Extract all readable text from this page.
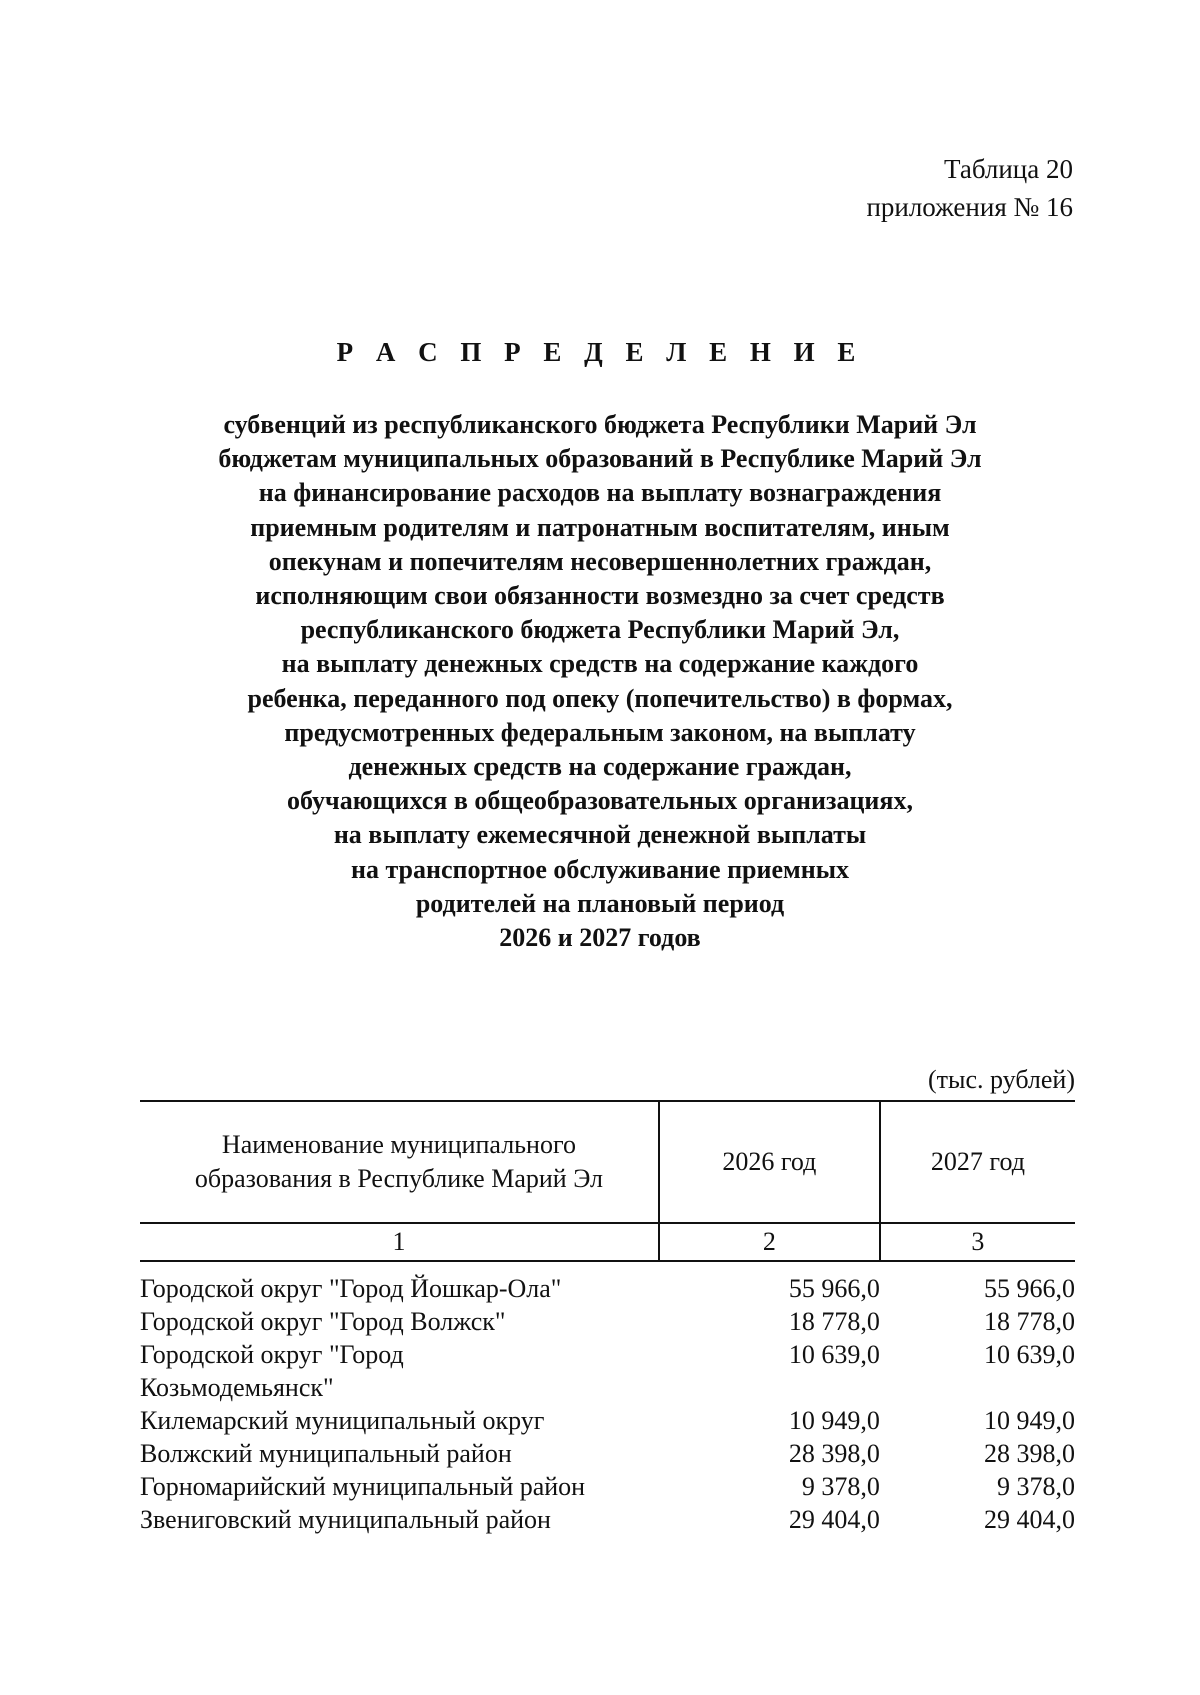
Таблица 20
приложения № 16
Р А С П Р Е Д Е Л Е Н И Е
субвенций из республиканского бюджета Республики Марий Эл
бюджетам муниципальных образований в Республике Марий Эл
на финансирование расходов на выплату вознаграждения
приемным родителям и патронатным воспитателям, иным
опекунам и попечителям несовершеннолетних граждан,
исполняющим свои обязанности возмездно за счет средств
республиканского бюджета Республики Марий Эл,
на выплату денежных средств на содержание каждого
ребенка, переданного под опеку (попечительство) в формах,
предусмотренных федеральным законом, на выплату
денежных средств на содержание граждан,
обучающихся в общеобразовательных организациях,
на выплату ежемесячной денежной выплаты
на транспортное обслуживание приемных
родителей на плановый период
2026 и 2027 годов
(тыс. рублей)
Наименование муниципального
образования в Республике Марий Эл	2026 год	2027 год
1	2	3

Городской округ "Город Йошкар-Ола"	55 966,0	55 966,0

Городской округ "Город Волжск"	18 778,0	18 778,0

Городской округ "Город
Козьмодемьянск"	10 639,0	10 639,0

Килемарский муниципальный округ	10 949,0	10 949,0

Волжский муниципальный район	28 398,0	28 398,0

Горномарийский муниципальный район	9 378,0	9 378,0

Звениговский муниципальный район	29 404,0	29 404,0
